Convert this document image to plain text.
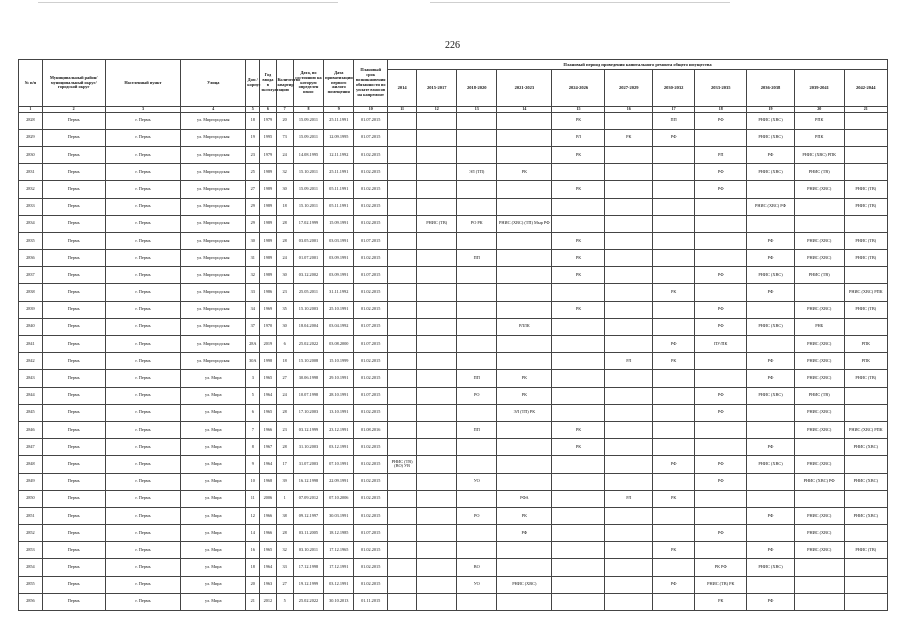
226
№ п/п	Муниципальный район/ муниципальный округ/ городской округ	Населенный пункт	Улица	Дом / корпус	Год ввода в эксплуатацию	Количество квартир	Дата, по состоянию на которую определен износ	Дата приватизации первого жилого помещения	Плановый срок возникновения обязанности по уплате взносов на капремонт	Плановый период проведения капитального ремонта общего имущества										
										2014	2015-2017	2018-2020	2021-2023	2024-2026	2027-2029	2030-2032	2033-2035	2036-2038	2039-2041	2042-2044
1	2	3	4	5	6	7	8	9	10	11	12	13	14	15	16	17	18	19	20	21
2828	Пермь	г. Пермь	ул. Миргородская	18	1979	20	15.09.2011	25.11.1991	01.07.2015					РК		ПП	РФ	РНИС (ХВС)	РПК	
2829	Пермь	г. Пермь	ул. Миргородская	19	1995	73	15.09.2011	12.09.1995	01.07.2015					РЛ	РК	РФ		РНИС (ХВС)	РПК	
2830	Пермь	г. Пермь	ул. Миргородская	23	1979	24	14.08.1995	12.11.1992	01.02.2015					РК			РП	РФ	РНИС (ХВС) РПК	
2831	Пермь	г. Пермь	ул. Миргородская	25	1989	32	15.10.2011	25.11.1991	01.02.2015			ЭЛ (ТП)	РК				РФ	РНИС (ХВС)	РНИС (ТВ)	
2832	Пермь	г. Пермь	ул. Миргородская	27	1989	30	15.09.2011	05.11.1991	01.02.2015					РК			РФ		РНИС (ХВС)	РНИС (ТВ)
2833	Пермь	г. Пермь	ул. Миргородская	29	1989	18	15.10.2011	05.11.1991	01.02.2015									РНИС (ХВС) РФ		РНИС (ТВ)
2834	Пермь	г. Пермь	ул. Миргородская	29	1989	28	17.02.1999	15.09.1991	01.02.2015		РНИС (ТВ)	РО РК	РНИС (ХВС) (ТП) Мыр РФ							
2835	Пермь	г. Пермь	ул. Миргородская	30	1989	28	03.05.2001	03.03.1991	01.07.2015					РК				РФ	РНИС (ХВС)	РНИС (ТВ)
2836	Пермь	г. Пермь	ул. Миргородская	31	1989	24	01.07.2001	03.09.1991	01.02.2015			ПП		РК				РФ	РНИС (ХВС)	РНИС (ТВ)
2837	Пермь	г. Пермь	ул. Миргородская	32	1989	30	03.12.2002	03.09.1991	01.07.2015					РК			РФ	РНИС (ХВС)	РНИС (ТВ)	
2838	Пермь	г. Пермь	ул. Миргородская	33	1986	23	25.05.2011	31.11.1992	01.02.2015							РК		РФ		РНИС (ХВС) РПК
2839	Пермь	г. Пермь	ул. Миргородская	34	1969	35	15.10.2003	25.10.1991	01.02.2015					РК			РФ		РНИС (ХВС)	РНИС (ТВ)
2840	Пермь	г. Пермь	ул. Миргородская	37	1970	30	18.04.2004	03.04.1992	01.07.2015				РЛЛК				РФ	РНИС (ХВС)	РНБ	
2841	Пермь	г. Пермь	ул. Миргородская	28А	2019	6	25.02.2022	03.08.2000	01.07.2015							РФ	ПУ/ПК		РНИС (ХВС)	РПК
2842	Пермь	г. Пермь	ул. Миргородская	30А	1998	18	15.10.2008	15.10.1999	01.02.2015						РЛ	РК		РФ	РНИС (ХВС)	РПК
2843	Пермь	г. Пермь	ул. Мира	3	1965	27	30.06.1998	29.10.1991	01.02.2015			ПП	РК					РФ	РНИС (ХВС)	РНИС (ТВ)
2844	Пермь	г. Пермь	ул. Мира	5	1964	24	10.07.1998	28.10.1991	01.07.2015			РО	РК				РФ	РНИС (ХВС)	РНИС (ТВ)	
2845	Пермь	г. Пермь	ул. Мира	6	1965	28	17.10.2003	13.10.1991	01.02.2015				ЭЛ (ТП) РК				РФ		РНИС (ХВС)	
2846	Пермь	г. Пермь	ул. Мира	7	1966	23	03.12.1999	23.12.1991	01.08.2016			ПП		РК					РНИС (ХВС)	РНИС (ХВС) РПК
2847	Пермь	г. Пермь	ул. Мира	8	1967	28	31.10.2003	03.12.1991	01.02.2015					РК				РФ		РНИС (ХВС)
2848	Пермь	г. Пермь	ул. Мира	9	1964	17	31.07.2003	07.10.1991	01.02.2015	РНИС (ТВ) (ВО) УВ						РФ	РФ	РНИС (ХВС)	РНИС (ХВС)	
2849	Пермь	г. Пермь	ул. Мира	10	1968	39	16.12.1998	22.09.1991	01.02.2015			УО					РФ		РНИС (ХВС) РФ	РНИС (ХВС)
2850	Пермь	г. Пермь	ул. Мира	11	2006	1	07.09.2012	07.10.2006	01.02.2015				РФА		РЛ	РК				
2851	Пермь	г. Пермь	ул. Мира	12	1966	38	09.12.1997	30.03.1991	01.02.2015			РО	РК					РФ	РНИС (ХВС)	РНИС (ХВС)
2852	Пермь	г. Пермь	ул. Мира	14	1966	28	03.11.2005	18.12.1985	01.07.2015				РФ				РФ		РНИС (ХВС)	
2853	Пермь	г. Пермь	ул. Мира	16	1965	32	03.10.2011	17.12.1965	01.02.2015							РК		РФ	РНИС (ХВС)	РНИС (ТВ)
2854	Пермь	г. Пермь	ул. Мира	18	1964	33	17.12.1998	17.12.1991	01.02.2015			ВО					РК РФ	РНИС (ХВС)		
2855	Пермь	г. Пермь	ул. Мира	20	1963	27	19.12.1999	03.12.1991	01.02.2015			УО	РНИС (ХВС)			РФ	РНИС (ТВ) РК			
2856	Пермь	г. Пермь	ул. Мира	21	2012	5	25.02.2022	30.10.2013	01.11.2015								РК	РФ		
